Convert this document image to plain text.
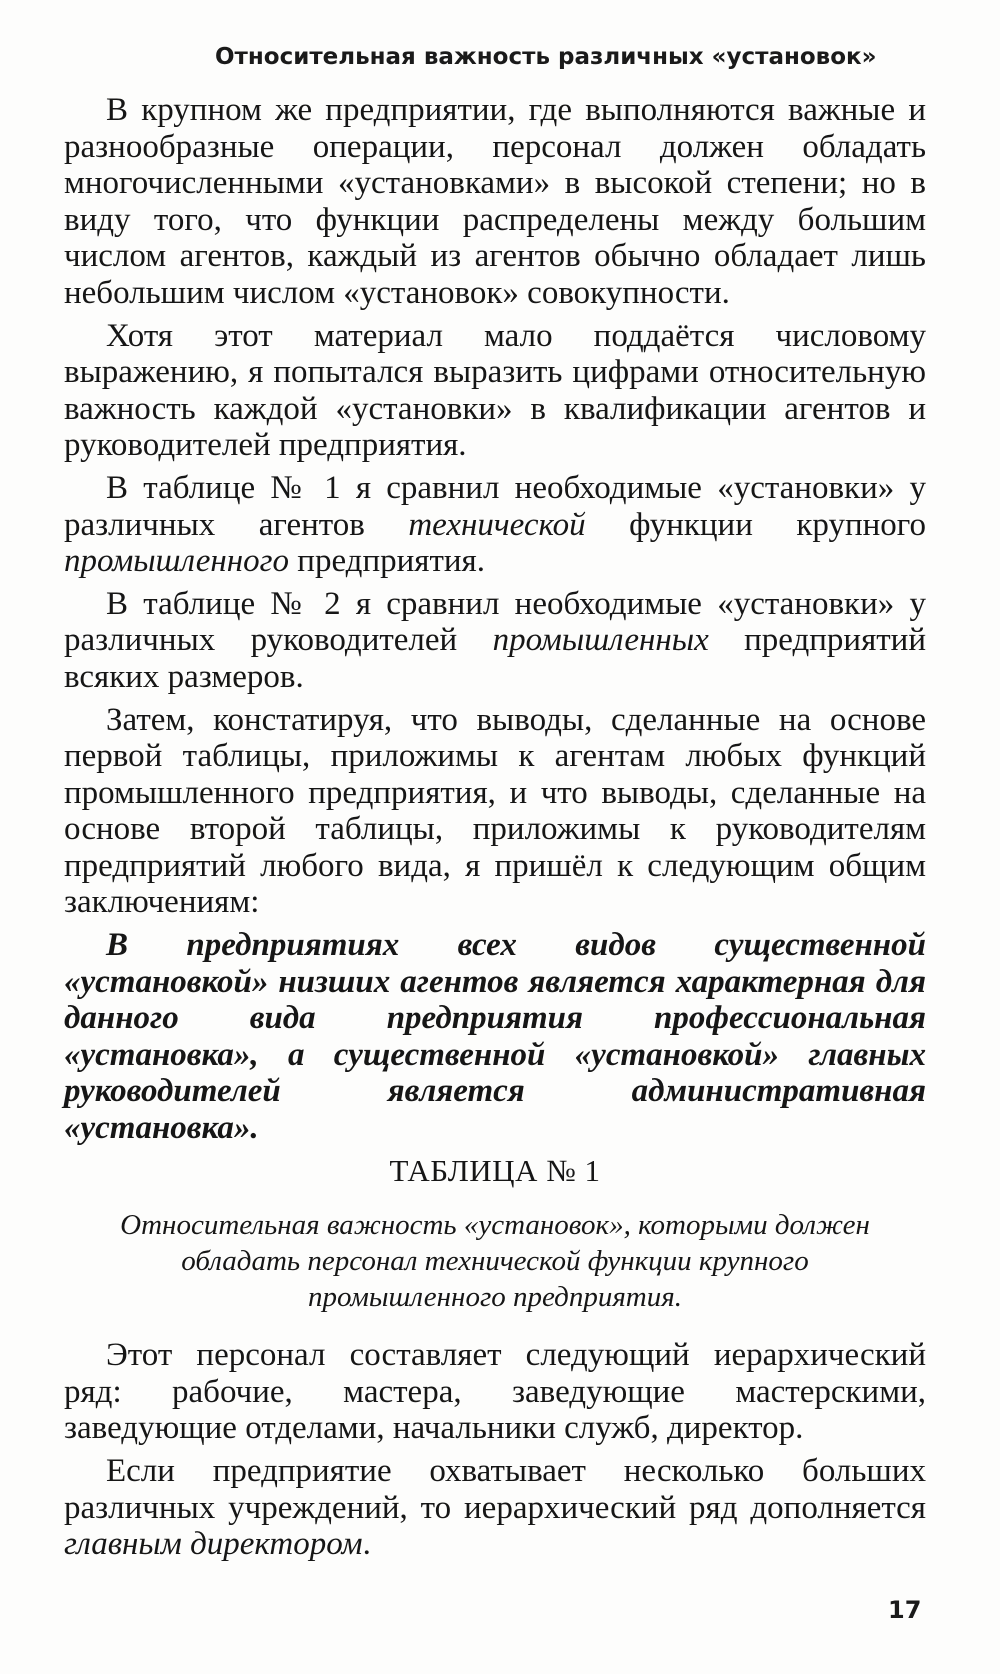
Относительная важность различных «установок»

В крупном же предприятии, где выполняются важные и разнообразные операции, персонал должен обладать многочисленными «установками» в высокой степени; но в виду того, что функции распределены между большим числом агентов, каждый из агентов обычно обладает лишь небольшим числом «установок» совокупности.

Хотя этот материал мало поддаётся числовому выражению, я попытался выразить цифрами относительную важность каждой «установки» в квалификации агентов и руководителей предприятия.

В таблице № 1 я сравнил необходимые «установки» у различных агентов технической функции крупного промышленного предприятия.

В таблице № 2 я сравнил необходимые «установки» у различных руководителей промышленных предприятий всяких размеров.

Затем, констатируя, что выводы, сделанные на основе первой таблицы, приложимы к агентам любых функций промышленного предприятия, и что выводы, сделанные на основе второй таблицы, приложимы к руководителям предприятий любого вида, я пришёл к следующим общим заключениям:

В предприятиях всех видов существенной «установкой» низших агентов является характерная для данного вида предприятия профессиональная «установка», а существенной «установкой» главных руководителей является административная «установка».

ТАБЛИЦА № 1

Относительная важность «установок», которыми должен обладать персонал технической функции крупного промышленного предприятия.

Этот персонал составляет следующий иерархический ряд: рабочие, мастера, заведующие мастерскими, заведующие отделами, начальники служб, директор.

Если предприятие охватывает несколько больших различных учреждений, то иерархический ряд дополняется главным директором.

17
